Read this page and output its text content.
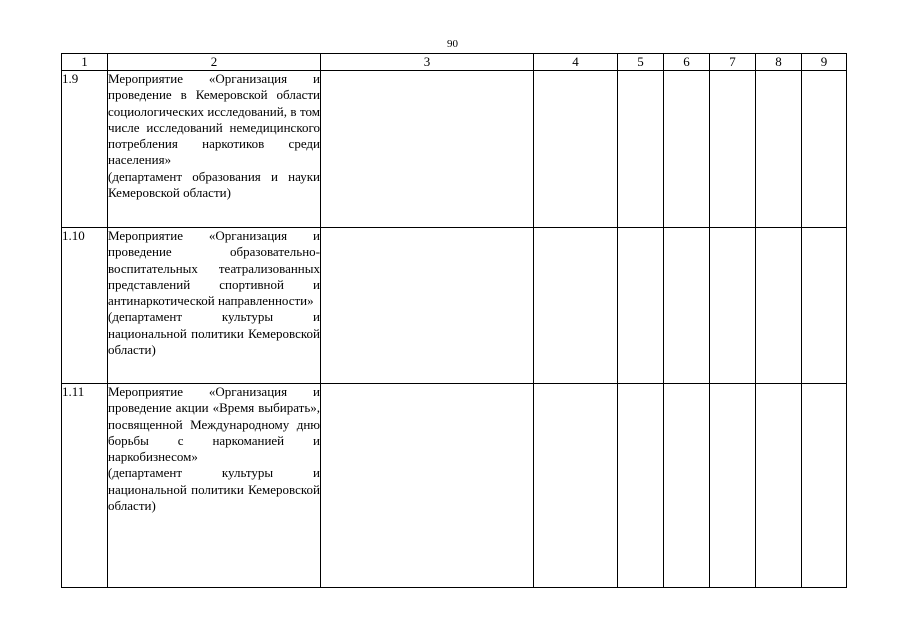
90
1	2	3	4	5	6	7	8	9
1.9	Мероприятие «Организация и проведение в Кемеровской области социологических исследований, в том числе исследований немедицинского потребления наркотиков среди населения»
(департамент образования и науки Кемеровской области)							

1.10	Мероприятие «Организация и проведение образовательно-воспитательных театрализованных представлений спортивной и антинаркотической направленности»
(департамент культуры и национальной политики Кемеровской области)							

1.11	Мероприятие «Организация и проведение акции «Время выбирать», посвященной Международному дню борьбы с наркоманией и наркобизнесом»
(департамент культуры и национальной политики Кемеровской области)							
